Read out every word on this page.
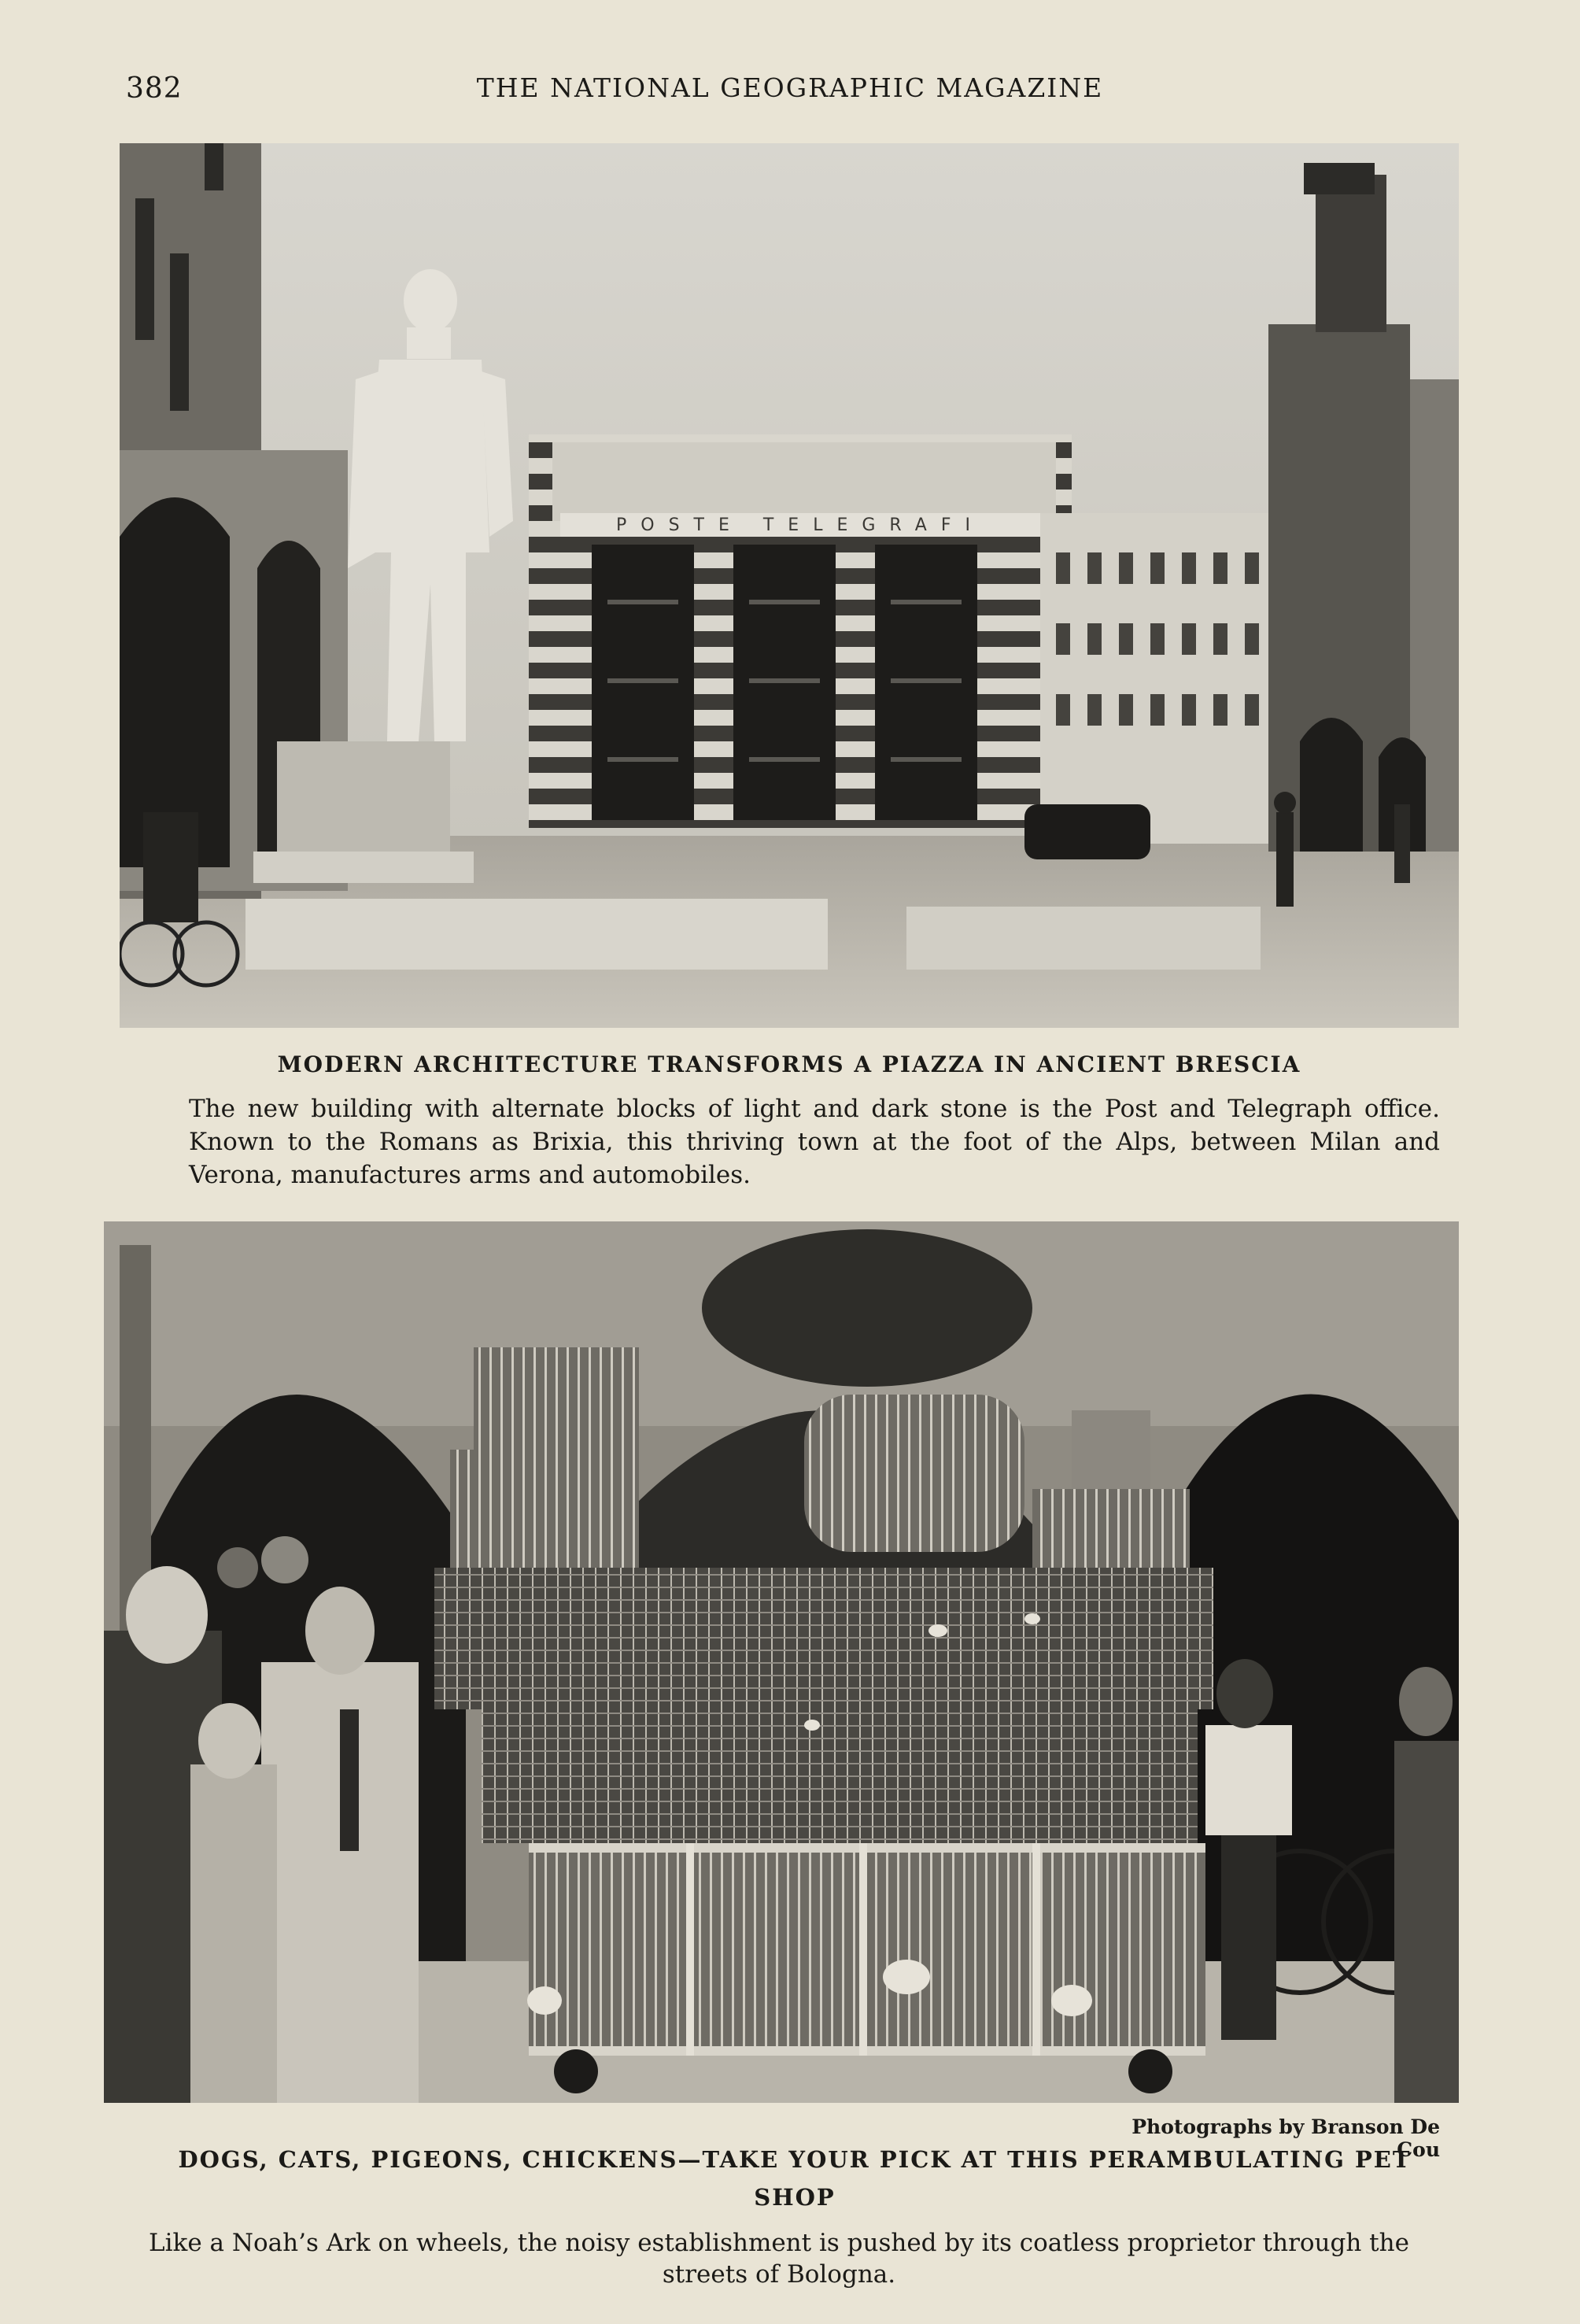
382	THE NATIONAL GEOGRAPHIC MAGAZINE
POSTE TELEGRAFI
MODERN ARCHITECTURE TRANSFORMS A PIAZZA IN ANCIENT BRESCIA
The new building with alternate blocks of light and dark stone is the Post and Telegraph office. Known to the Romans as Brixia, this thriving town at the foot of the Alps, between Milan and Verona, manufactures arms and automobiles.
Photographs by Branson De Cou
DOGS, CATS, PIGEONS, CHICKENS—TAKE YOUR PICK AT THIS PERAMBULATING PET SHOP
Like a Noah’s Ark on wheels, the noisy establishment is pushed by its coatless proprietor through the streets of Bologna.
